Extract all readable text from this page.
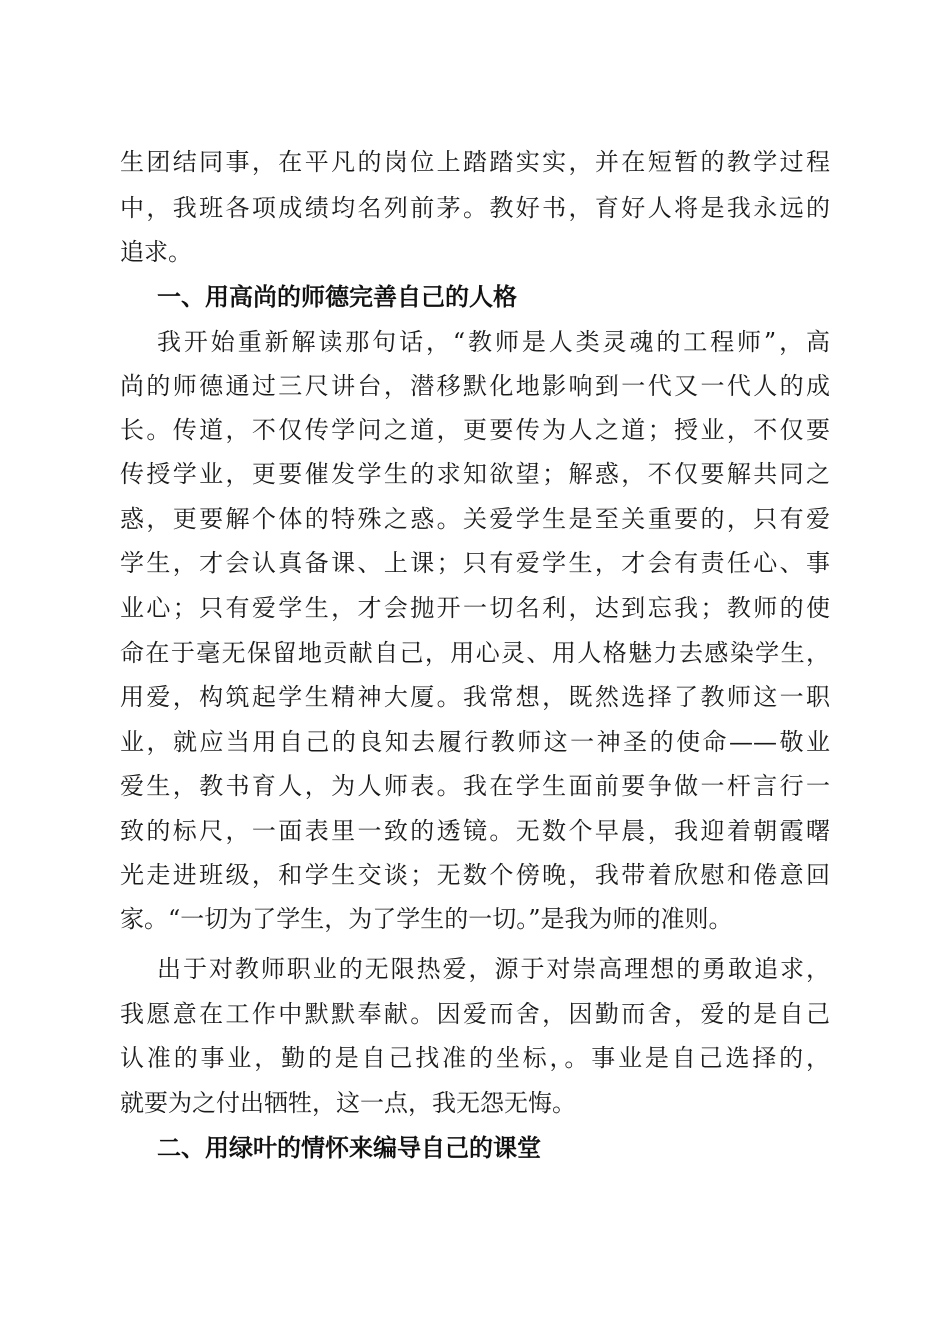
生团结同事，在平凡的岗位上踏踏实实，并在短暂的教学过程
中，我班各项成绩均名列前茅。教好书，育好人将是我永远的
追求。
一、用高尚的师德完善自己的人格
我开始重新解读那句话，“教师是人类灵魂的工程师”，高
尚的师德通过三尺讲台，潜移默化地影响到一代又一代人的成
长。传道，不仅传学问之道，更要传为人之道；授业，不仅要
传授学业，更要催发学生的求知欲望；解惑，不仅要解共同之
惑，更要解个体的特殊之惑。关爱学生是至关重要的，只有爱
学生，才会认真备课、上课；只有爱学生，才会有责任心、事
业心；只有爱学生，才会抛开一切名利，达到忘我；教师的使
命在于毫无保留地贡献自己，用心灵、用人格魅力去感染学生，
用爱，构筑起学生精神大厦。我常想，既然选择了教师这一职
业，就应当用自己的良知去履行教师这一神圣的使命——敬业
爱生，教书育人，为人师表。我在学生面前要争做一杆言行一
致的标尺，一面表里一致的透镜。无数个早晨，我迎着朝霞曙
光走进班级，和学生交谈；无数个傍晚，我带着欣慰和倦意回
家。“一切为了学生，为了学生的一切。”是我为师的准则。
出于对教师职业的无限热爱，源于对崇高理想的勇敢追求，
我愿意在工作中默默奉献。因爱而舍，因勤而舍，爱的是自己
认准的事业，勤的是自己找准的坐标，。事业是自己选择的，
就要为之付出牺牲，这一点，我无怨无悔。
二、用绿叶的情怀来编导自己的课堂
